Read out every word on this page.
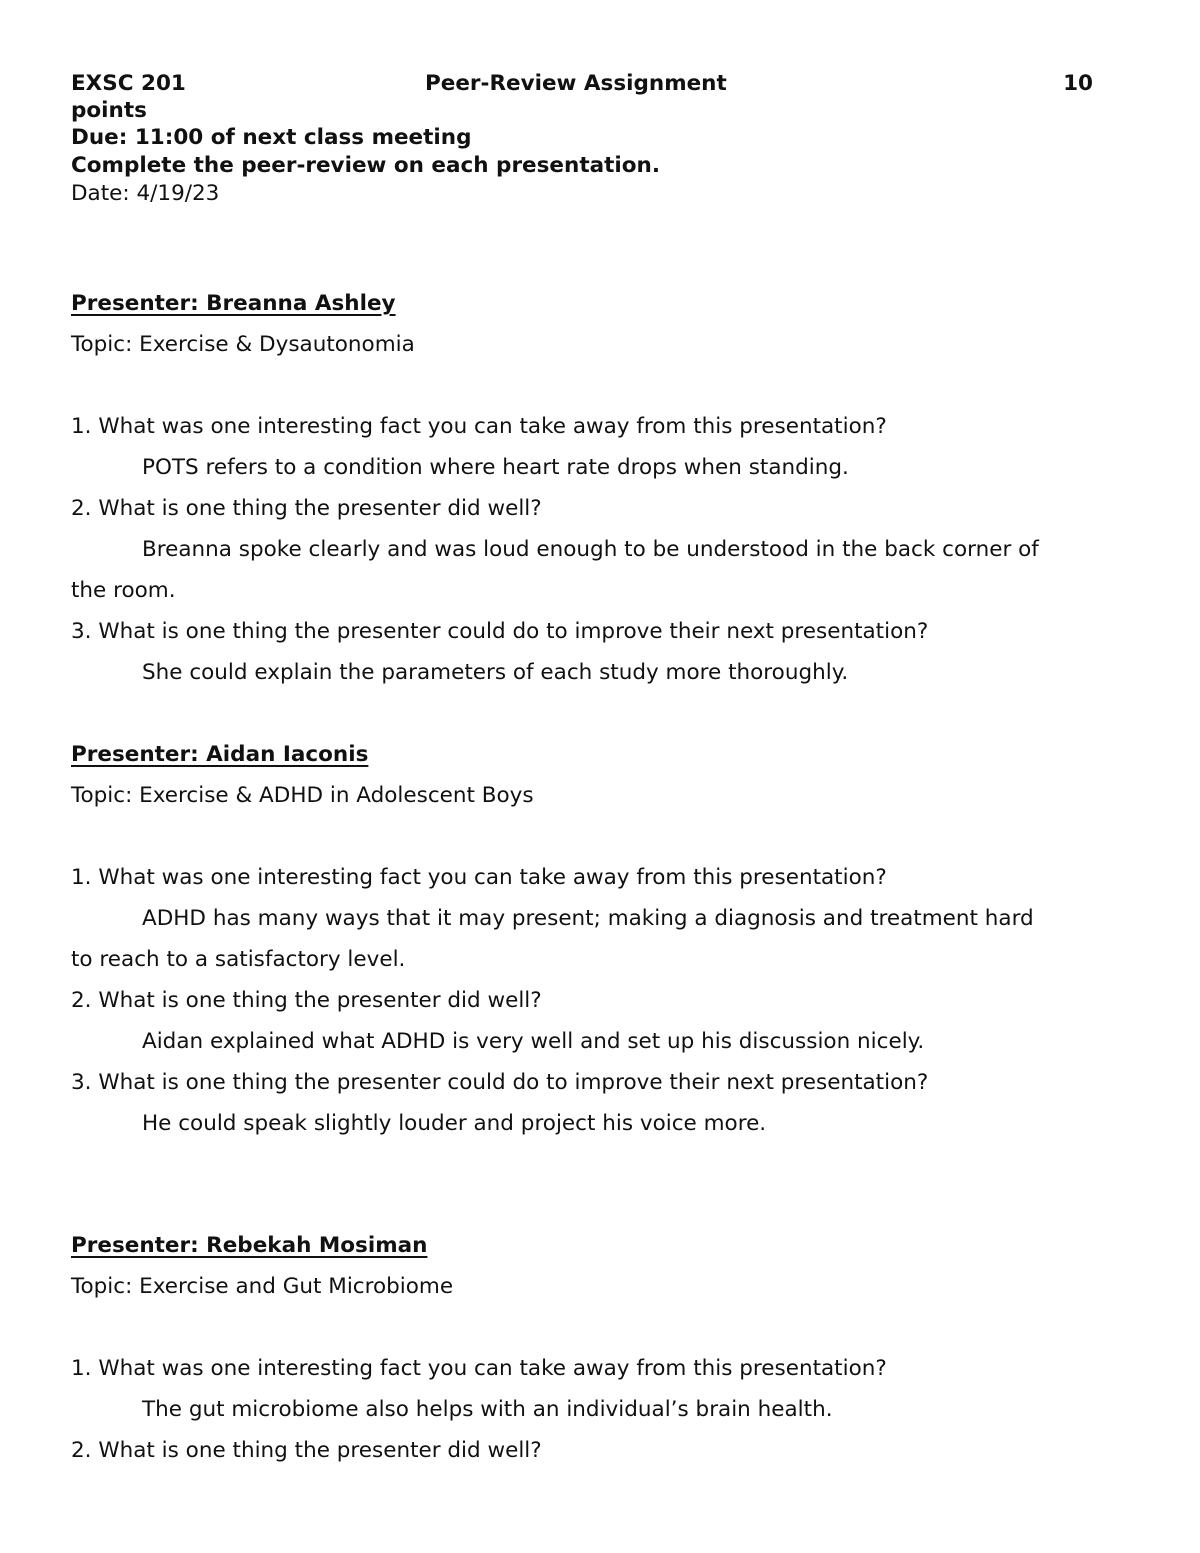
EXSC 201	Peer-Review Assignment	10
points
Due: 11:00 of next class meeting
Complete the peer-review on each presentation.
Date: 4/19/23
Presenter: Breanna Ashley
Topic: Exercise & Dysautonomia
1. What was one interesting fact you can take away from this presentation?
POTS refers to a condition where heart rate drops when standing.
2. What is one thing the presenter did well?
Breanna spoke clearly and was loud enough to be understood in the back corner of
the room.
3. What is one thing the presenter could do to improve their next presentation?
She could explain the parameters of each study more thoroughly.
Presenter: Aidan Iaconis
Topic: Exercise & ADHD in Adolescent Boys
1. What was one interesting fact you can take away from this presentation?
ADHD has many ways that it may present; making a diagnosis and treatment hard
to reach to a satisfactory level.
2. What is one thing the presenter did well?
Aidan explained what ADHD is very well and set up his discussion nicely.
3. What is one thing the presenter could do to improve their next presentation?
He could speak slightly louder and project his voice more.
Presenter: Rebekah Mosiman
Topic: Exercise and Gut Microbiome
1. What was one interesting fact you can take away from this presentation?
The gut microbiome also helps with an individual’s brain health.
2. What is one thing the presenter did well?
